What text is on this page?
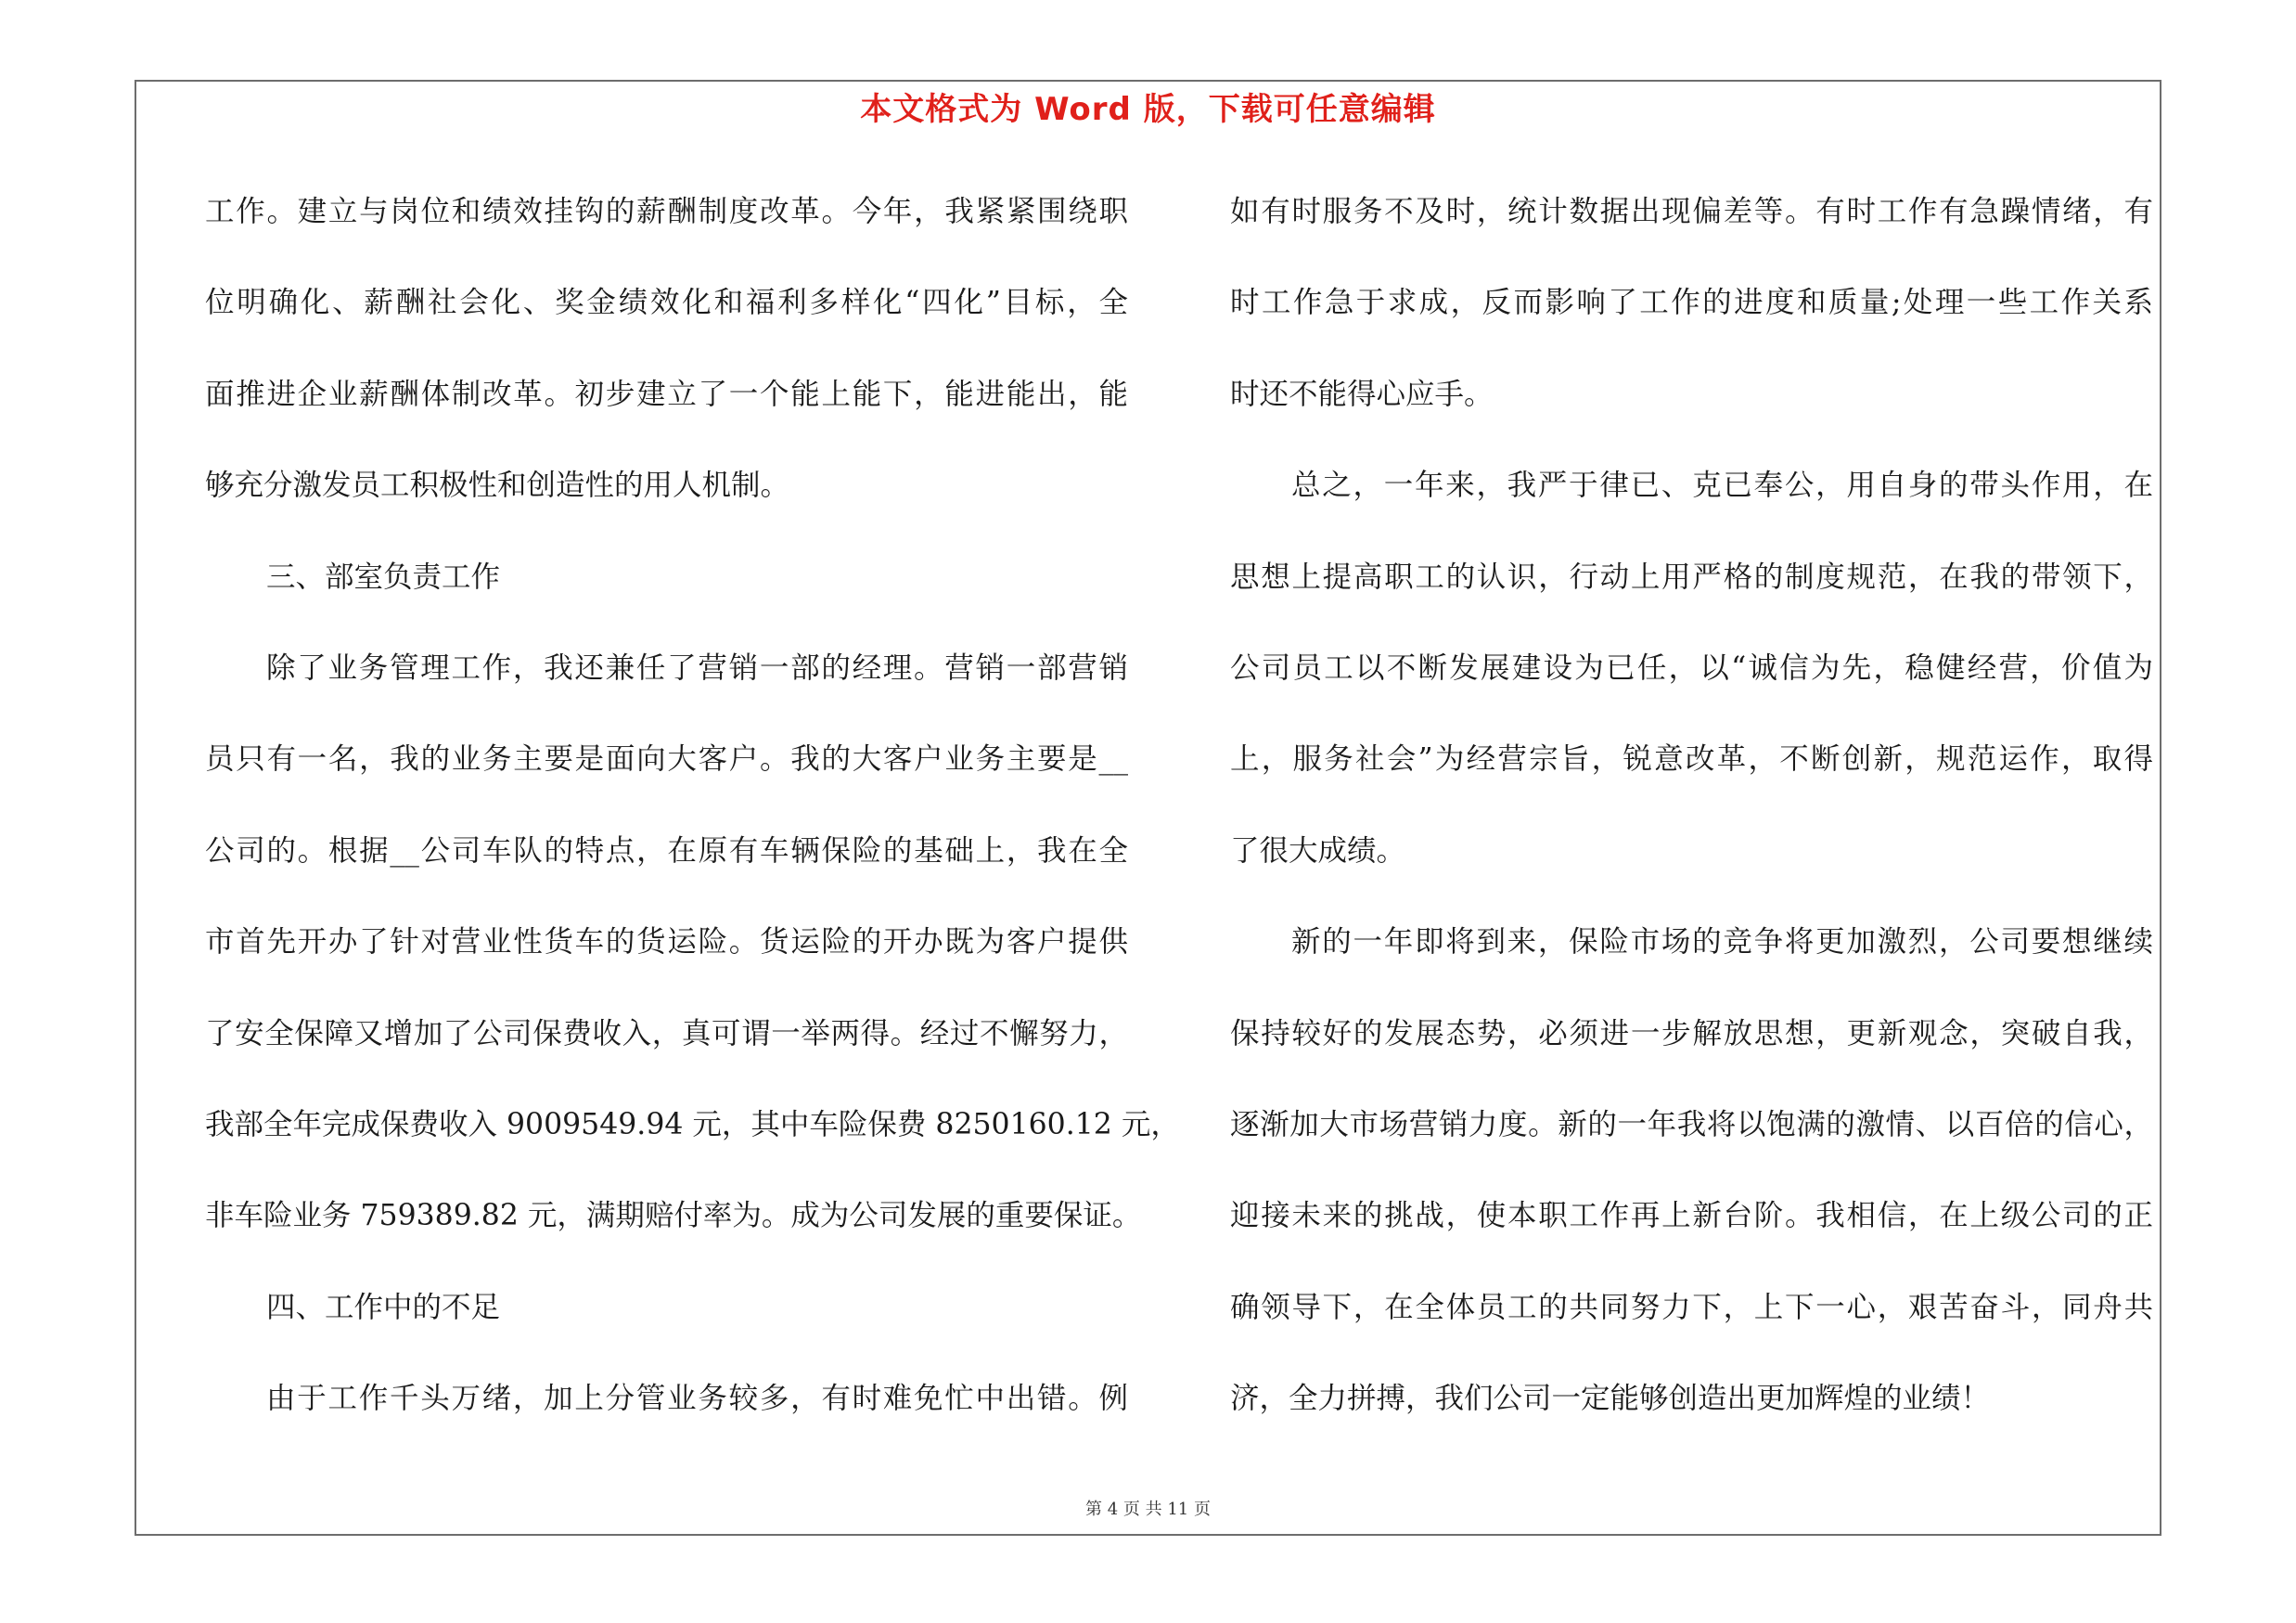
本文格式为 Word 版，下载可任意编辑
工作。建立与岗位和绩效挂钩的薪酬制度改革。今年，我紧紧围绕职
位明确化、薪酬社会化、奖金绩效化和福利多样化“四化”目标，全
面推进企业薪酬体制改革。初步建立了一个能上能下，能进能出，能
够充分激发员工积极性和创造性的用人机制。
三、部室负责工作
除了业务管理工作，我还兼任了营销一部的经理。营销一部营销
员只有一名，我的业务主要是面向大客户。我的大客户业务主要是__
公司的。根据__公司车队的特点，在原有车辆保险的基础上，我在全
市首先开办了针对营业性货车的货运险。货运险的开办既为客户提供
了安全保障又增加了公司保费收入，真可谓一举两得。经过不懈努力，
我部全年完成保费收入 9009549.94 元，其中车险保费 8250160.12 元，
非车险业务 759389.82 元，满期赔付率为。成为公司发展的重要保证。
四、工作中的不足
由于工作千头万绪，加上分管业务较多，有时难免忙中出错。例
如有时服务不及时，统计数据出现偏差等。有时工作有急躁情绪，有
时工作急于求成，反而影响了工作的进度和质量;处理一些工作关系
时还不能得心应手。
总之，一年来，我严于律已、克已奉公，用自身的带头作用，在
思想上提高职工的认识，行动上用严格的制度规范，在我的带领下，
公司员工以不断发展建设为已任，以“诚信为先，稳健经营，价值为
上，服务社会”为经营宗旨，锐意改革，不断创新，规范运作，取得
了很大成绩。
新的一年即将到来，保险市场的竞争将更加激烈，公司要想继续
保持较好的发展态势，必须进一步解放思想，更新观念，突破自我，
逐渐加大市场营销力度。新的一年我将以饱满的激情、以百倍的信心，
迎接未来的挑战，使本职工作再上新台阶。我相信，在上级公司的正
确领导下，在全体员工的共同努力下，上下一心，艰苦奋斗，同舟共
济，全力拼搏，我们公司一定能够创造出更加辉煌的业绩！
第 4 页 共 11 页
